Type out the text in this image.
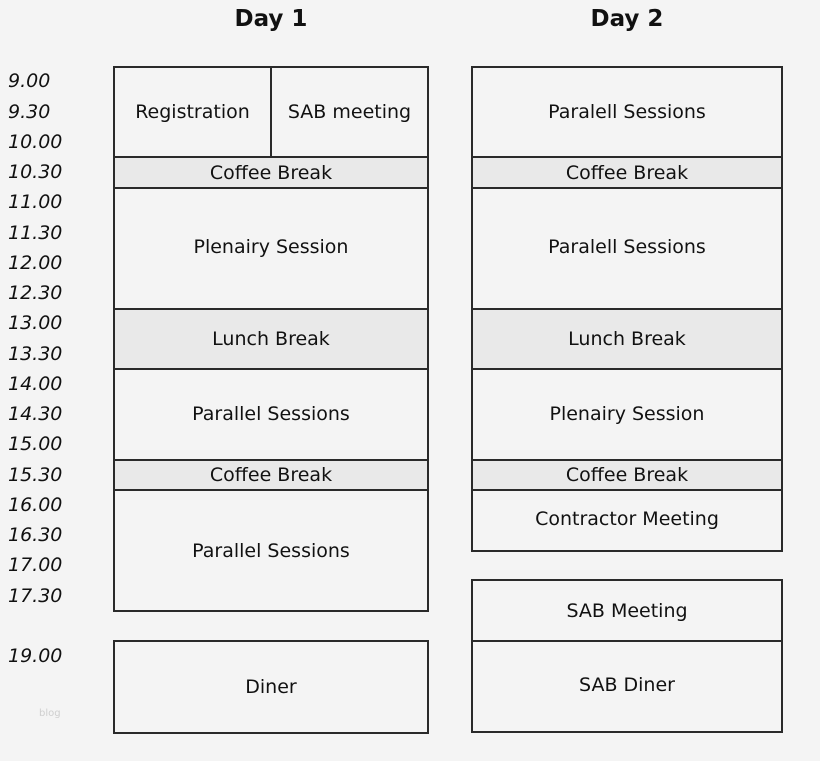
Day 1	Day 2
9.00
9.30
10.00
10.30
11.00
11.30
12.00
12.30
13.00
13.30
14.00
14.30
15.00
15.30
16.00
16.30
17.00
17.30
19.00
Registration SAB meeting
Coffee Break
Plenairy Session
Lunch Break
Parallel Sessions
Coffee Break
Parallel Sessions
Diner
Paralell Sessions
Coffee Break
Paralell Sessions
Lunch Break
Plenairy Session
Coffee Break
Contractor Meeting
SAB Meeting
SAB Diner
blog
